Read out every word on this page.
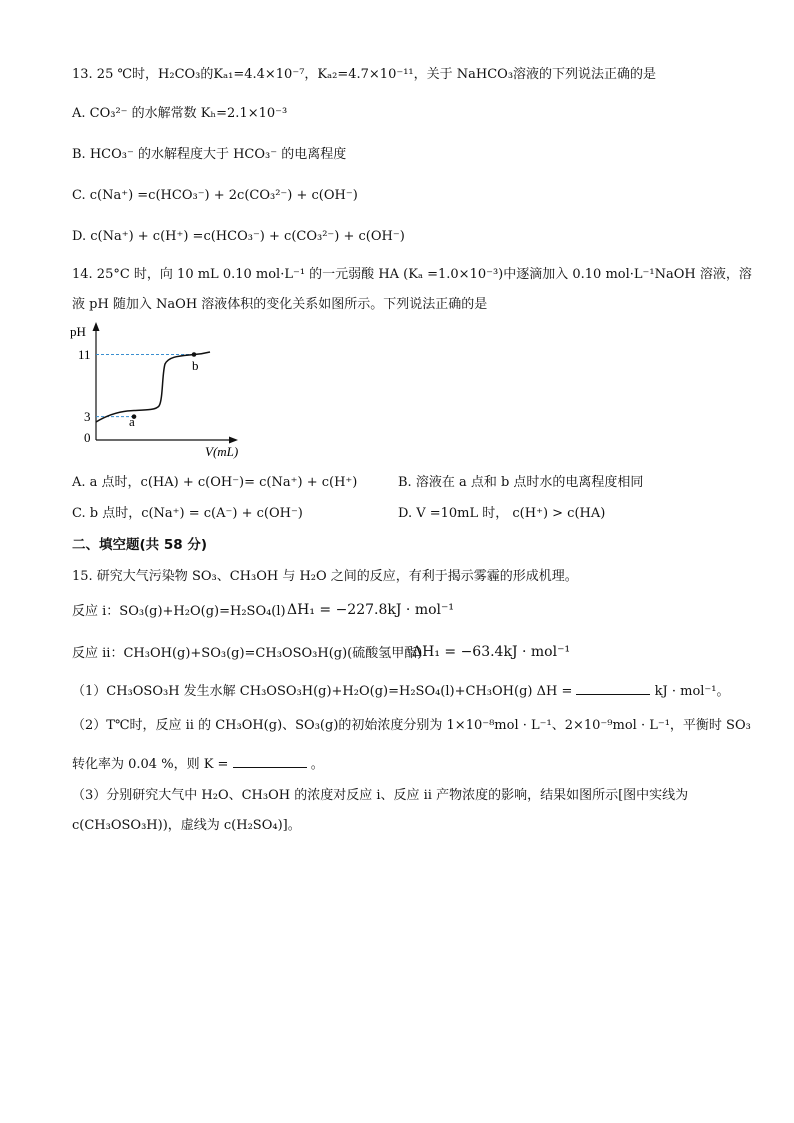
13. 25 ℃时，H₂CO₃的Kₐ₁=4.4×10⁻⁷，Kₐ₂=4.7×10⁻¹¹，关于 NaHCO₃溶液的下列说法正确的是
A. CO₃²⁻ 的水解常数 Kₕ=2.1×10⁻³
B. HCO₃⁻ 的水解程度大于 HCO₃⁻ 的电离程度
C. c(Na⁺) =c(HCO₃⁻) + 2c(CO₃²⁻) + c(OH⁻)
D. c(Na⁺) + c(H⁺) =c(HCO₃⁻) + c(CO₃²⁻) + c(OH⁻)
14. 25°C 时，向 10 mL 0.10 mol·L⁻¹ 的一元弱酸 HA (Kₐ =1.0×10⁻³)中逐滴加入 0.10 mol·L⁻¹NaOH 溶液，溶
液 pH 随加入 NaOH 溶液体积的变化关系如图所示。下列说法正确的是
a
b
pH
11
3
0
V(mL)
A. a 点时，c(HA) + c(OH⁻)= c(Na⁺) + c(H⁺)	B. 溶液在 a 点和 b 点时水的电离程度相同
C. b 点时，c(Na⁺) = c(A⁻) + c(OH⁻)	D. V =10mL 时， c(H⁺) > c(HA)
二、填空题(共 58 分)
15. 研究大气污染物 SO₃、CH₃OH 与 H₂O 之间的反应，有利于揭示雾霾的形成机理。
反应 i：SO₃(g)+H₂O(g)=H₂SO₄(l) ΔH₁ = −227.8kJ · mol⁻¹
反应 ii：CH₃OH(g)+SO₃(g)=CH₃OSO₃H(g)(硫酸氢甲酯)
ΔH₁ = −63.4kJ · mol⁻¹
（1）CH₃OSO₃H 发生水解 CH₃OSO₃H(g)+H₂O(g)=H₂SO₄(l)+CH₃OH(g) ΔH =	kJ · mol⁻¹。
（2）T℃时，反应 ii 的 CH₃OH(g)、SO₃(g)的初始浓度分别为 1×10⁻⁸mol · L⁻¹、2×10⁻⁹mol · L⁻¹，平衡时 SO₃
转化率为 0.04 %，则 K =	。
（3）分别研究大气中 H₂O、CH₃OH 的浓度对反应 i、反应 ii 产物浓度的影响，结果如图所示[图中实线为
c(CH₃OSO₃H))，虚线为 c(H₂SO₄)]。
